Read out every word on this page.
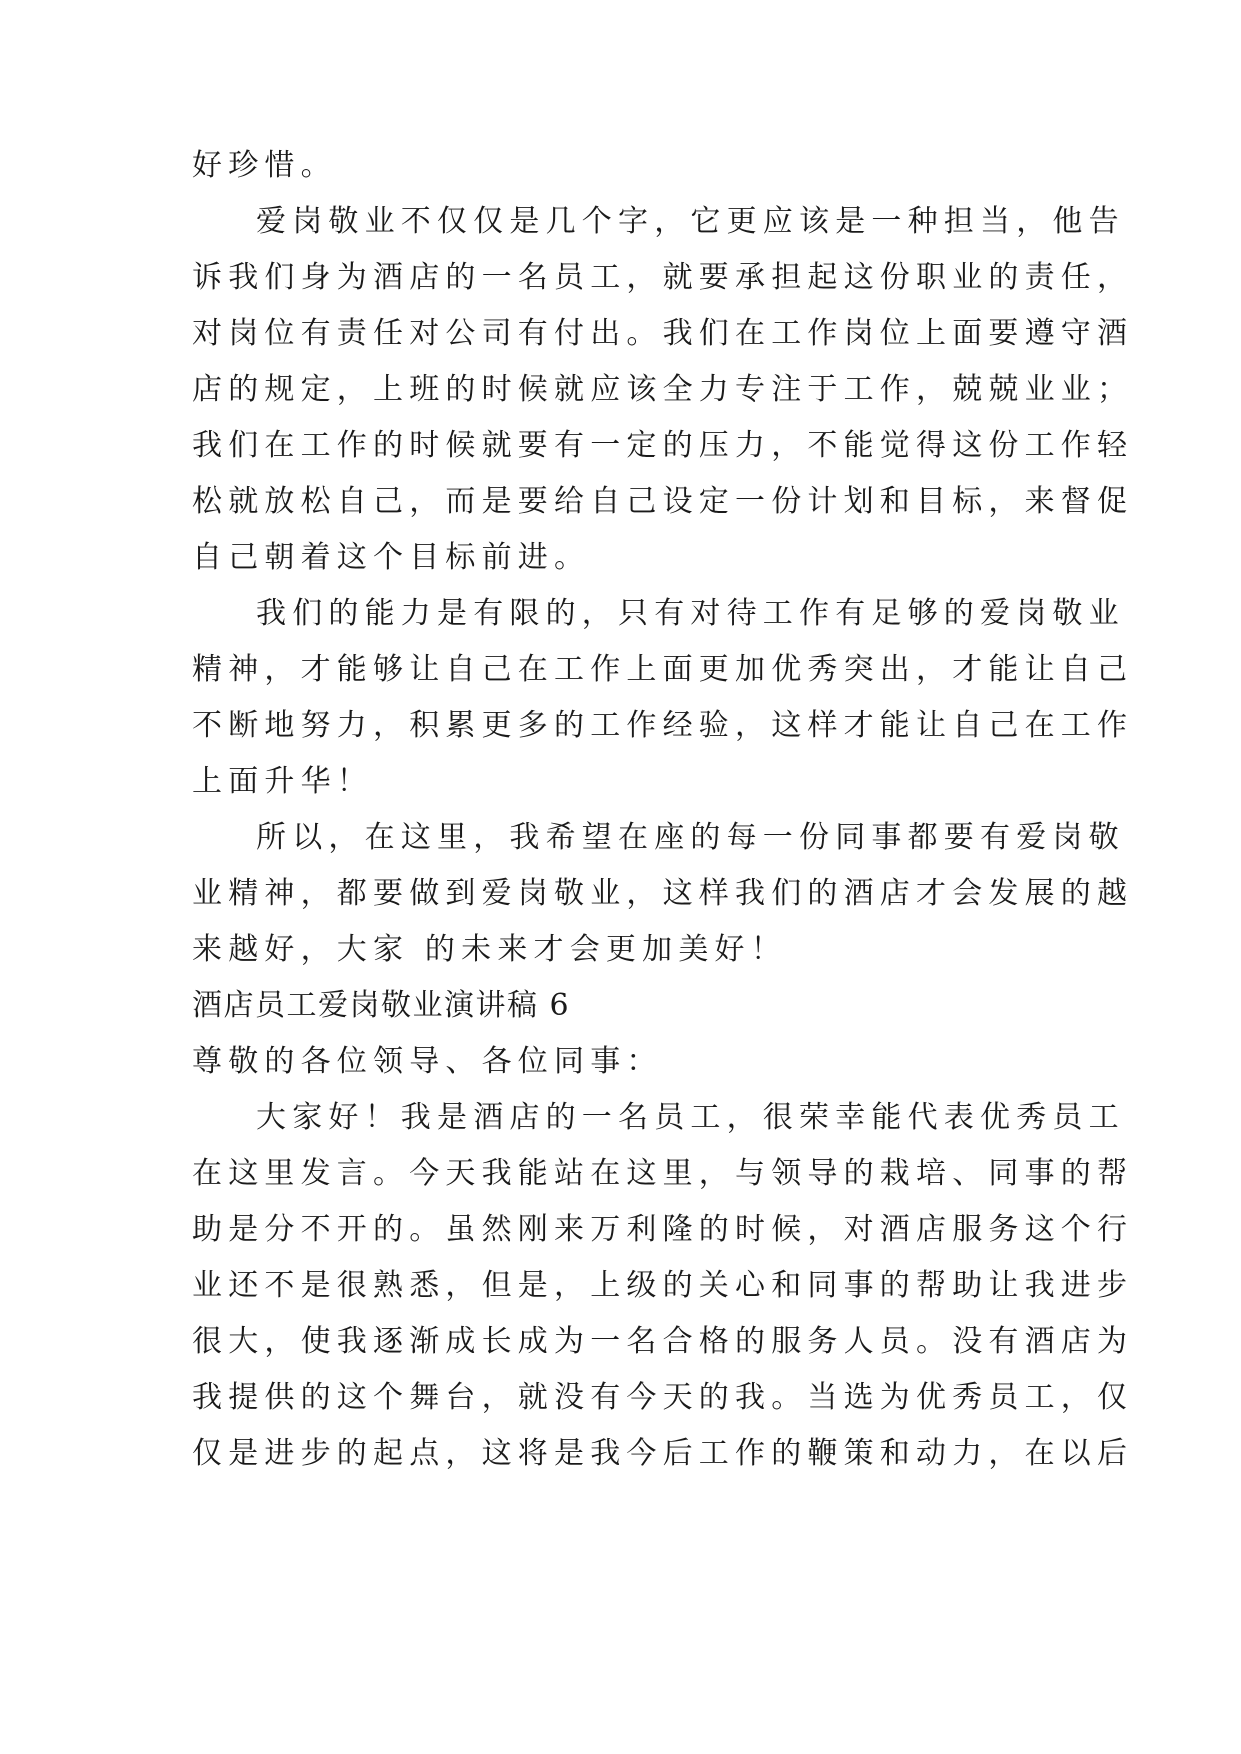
好珍惜。
爱岗敬业不仅仅是几个字，它更应该是一种担当，他告
诉我们身为酒店的一名员工，就要承担起这份职业的责任，
对岗位有责任对公司有付出。我们在工作岗位上面要遵守酒
店的规定，上班的时候就应该全力专注于工作，兢兢业业；
我们在工作的时候就要有一定的压力，不能觉得这份工作轻
松就放松自己，而是要给自己设定一份计划和目标，来督促
自己朝着这个目标前进。
我们的能力是有限的，只有对待工作有足够的爱岗敬业
精神，才能够让自己在工作上面更加优秀突出，才能让自己
不断地努力，积累更多的工作经验，这样才能让自己在工作
上面升华！
所以，在这里，我希望在座的每一份同事都要有爱岗敬
业精神，都要做到爱岗敬业，这样我们的酒店才会发展的越
来越好，大家 的未来才会更加美好！
酒店员工爱岗敬业演讲稿 6
尊敬的各位领导、各位同事：
大家好！我是酒店的一名员工，很荣幸能代表优秀员工
在这里发言。今天我能站在这里，与领导的栽培、同事的帮
助是分不开的。虽然刚来万利隆的时候，对酒店服务这个行
业还不是很熟悉，但是，上级的关心和同事的帮助让我进步
很大，使我逐渐成长成为一名合格的服务人员。没有酒店为
我提供的这个舞台，就没有今天的我。当选为优秀员工，仅
仅是进步的起点，这将是我今后工作的鞭策和动力，在以后
